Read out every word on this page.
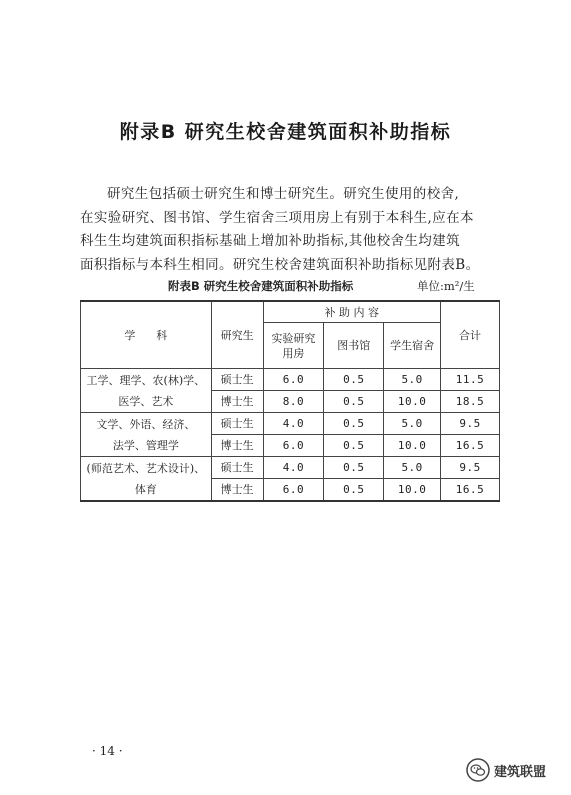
附录B 研究生校舍建筑面积补助指标
研究生包括硕士研究生和博士研究生。研究生使用的校舍,
在实验研究、图书馆、学生宿舍三项用房上有别于本科生,应在本
科生生均建筑面积指标基础上增加补助指标,其他校舍生均建筑
面积指标与本科生相同。研究生校舍建筑面积补助指标见附表B。
附表B 研究生校舍建筑面积补助指标	单位:m²/生
学      科	研究生	补 助 内 容			合计
		实验研究用房	图书馆	学生宿舍	

工学、理学、农(林)学、
医学、艺术	硕士生	6.0	0.5	5.0	11.5
	博士生	8.0	0.5	10.0	18.5

文学、外语、经济、
法学、管理学	硕士生	4.0	0.5	5.0	9.5
	博士生	6.0	0.5	10.0	16.5

(师范艺术、艺术设计)、
体育	硕士生	4.0	0.5	5.0	9.5
	博士生	6.0	0.5	10.0	16.5
· 14 ·
建筑联盟
